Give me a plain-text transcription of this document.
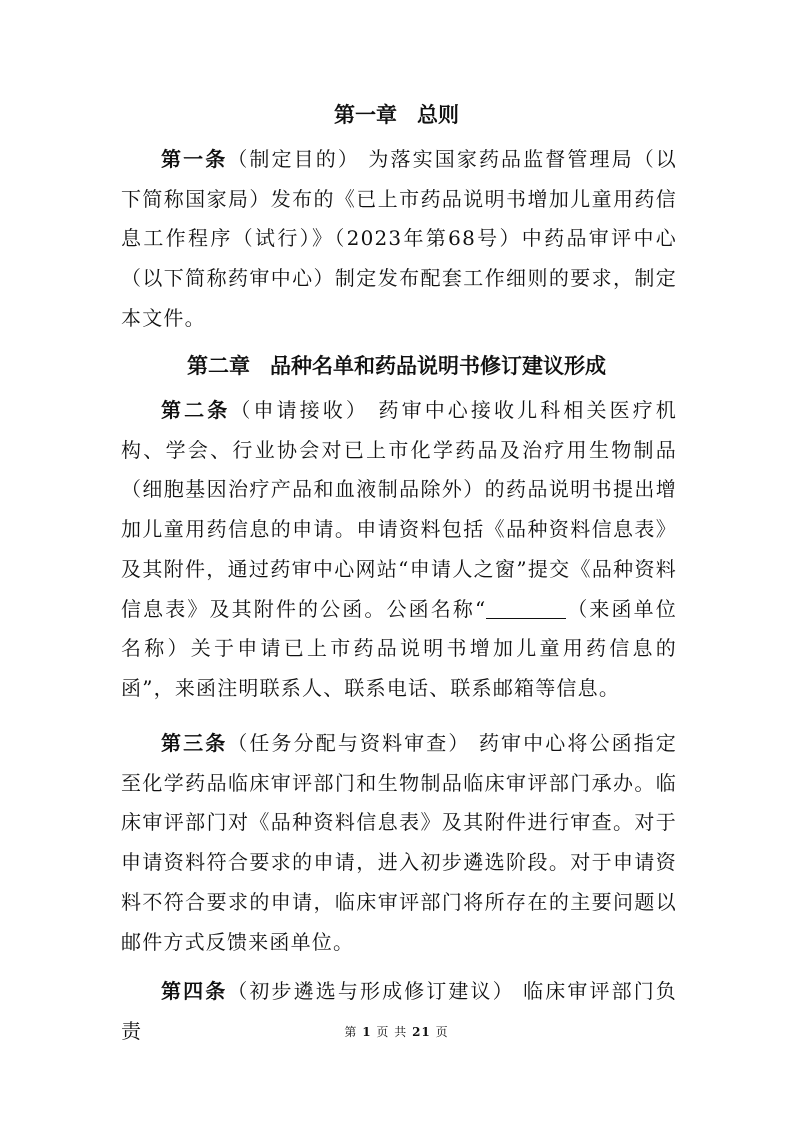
第一章 总则
第一条（制定目的） 为落实国家药品监督管理局（以下简称国家局）发布的《已上市药品说明书增加儿童用药信息工作程序（试行）》（2023年第68号）中药品审评中心（以下简称药审中心）制定发布配套工作细则的要求，制定本文件。
第二章 品种名单和药品说明书修订建议形成
第二条（申请接收） 药审中心接收儿科相关医疗机构、学会、行业协会对已上市化学药品及治疗用生物制品（细胞基因治疗产品和血液制品除外）的药品说明书提出增加儿童用药信息的申请。申请资料包括《品种资料信息表》及其附件，通过药审中心网站“申请人之窗”提交《品种资料信息表》及其附件的公函。公函名称“	（来函单位名称）关于申请已上市药品说明书增加儿童用药信息的函”，来函注明联系人、联系电话、联系邮箱等信息。
第三条（任务分配与资料审查） 药审中心将公函指定至化学药品临床审评部门和生物制品临床审评部门承办。临床审评部门对《品种资料信息表》及其附件进行审查。对于申请资料符合要求的申请，进入初步遴选阶段。对于申请资料不符合要求的申请，临床审评部门将所存在的主要问题以邮件方式反馈来函单位。
第四条（初步遴选与形成修订建议） 临床审评部门负责	第 1 页 共 21 页
